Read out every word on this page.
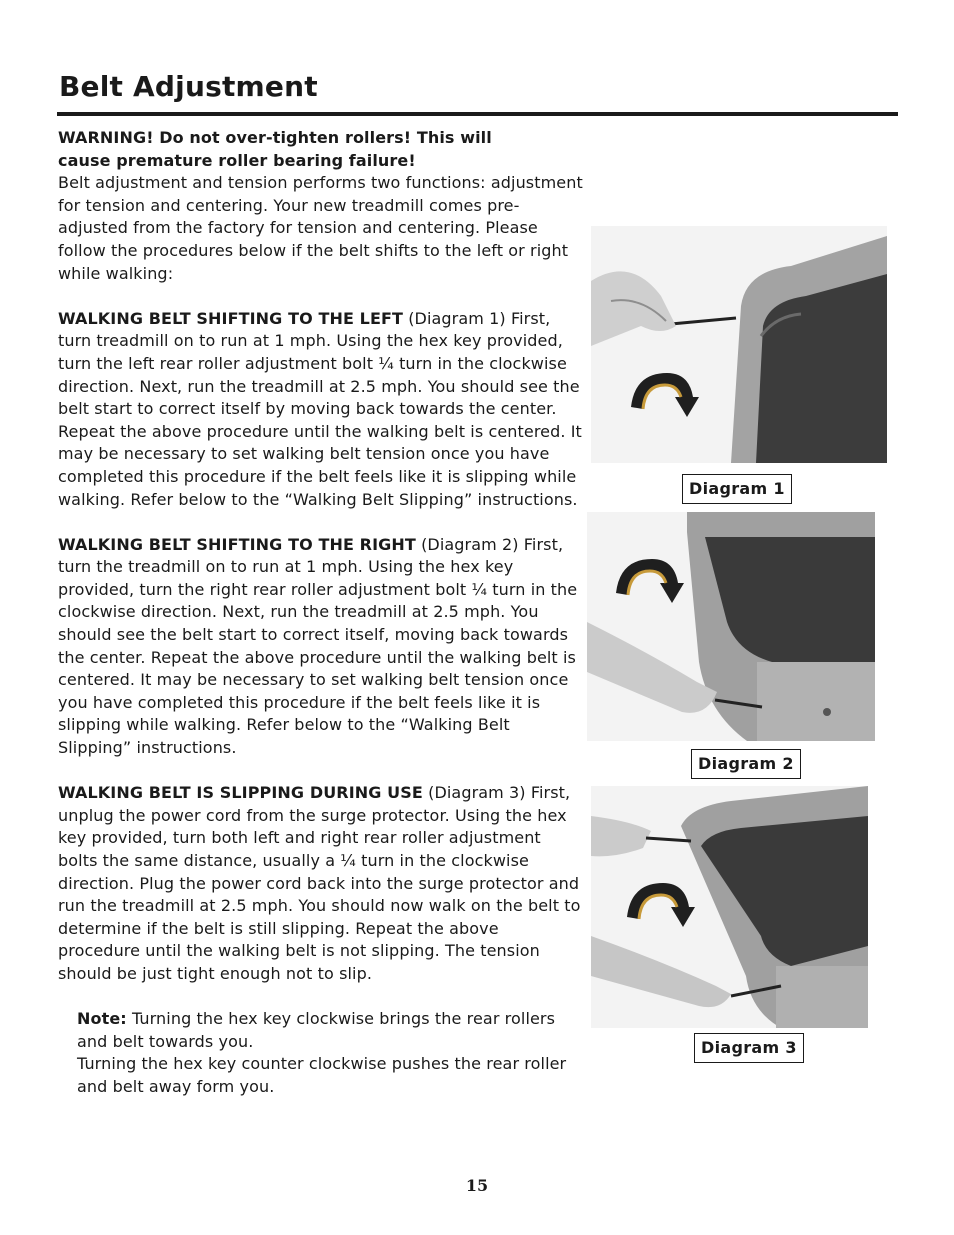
Belt Adjustment

WARNING! Do not over-tighten rollers! This will

cause premature roller bearing failure!

Belt adjustment and tension performs two functions: adjustment for tension and centering. Your new treadmill comes pre-adjusted from the factory for tension and centering. Please follow the procedures below if the belt shifts to the left or right while walking:

WALKING BELT SHIFTING TO THE LEFT (Diagram 1) First, turn treadmill on to run at 1 mph. Using the hex key provided, turn the left rear roller adjustment bolt ¼ turn in the clockwise direction. Next, run the treadmill at 2.5 mph. You should see the belt start to correct itself by moving back towards the center. Repeat the above procedure until the walking belt is centered. It may be necessary to set walking belt tension once you have completed this procedure if the belt feels like it is slipping while walking. Refer below to the “Walking Belt Slipping” instructions.

WALKING BELT SHIFTING TO THE RIGHT (Diagram 2) First, turn the treadmill on to run at 1 mph. Using the hex key provided, turn the right rear roller adjustment bolt ¼ turn in the clockwise direction. Next, run the treadmill at 2.5 mph. You should see the belt start to correct itself, moving back towards the center. Repeat the above procedure until the walking belt is centered. It may be necessary to set walking belt tension once you have completed this procedure if the belt feels like it is slipping while walking. Refer below to the “Walking Belt Slipping” instructions.

WALKING BELT IS SLIPPING DURING USE (Diagram 3) First, unplug the power cord from the surge protector. Using the hex key provided, turn both left and right rear roller adjustment bolts the same distance, usually a ¼ turn in the clockwise direction. Plug the power cord back into the surge protector and run the treadmill at 2.5 mph. You should now walk on the belt to determine if the belt is still slipping. Repeat the above procedure until the walking belt is not slipping. The tension should be just tight enough not to slip.

Note: Turning the hex key clockwise brings the rear rollers and belt towards you.

Turning the hex key counter clockwise pushes the rear roller and belt away form you.

Diagram 1
Diagram 2
Diagram 3
15
